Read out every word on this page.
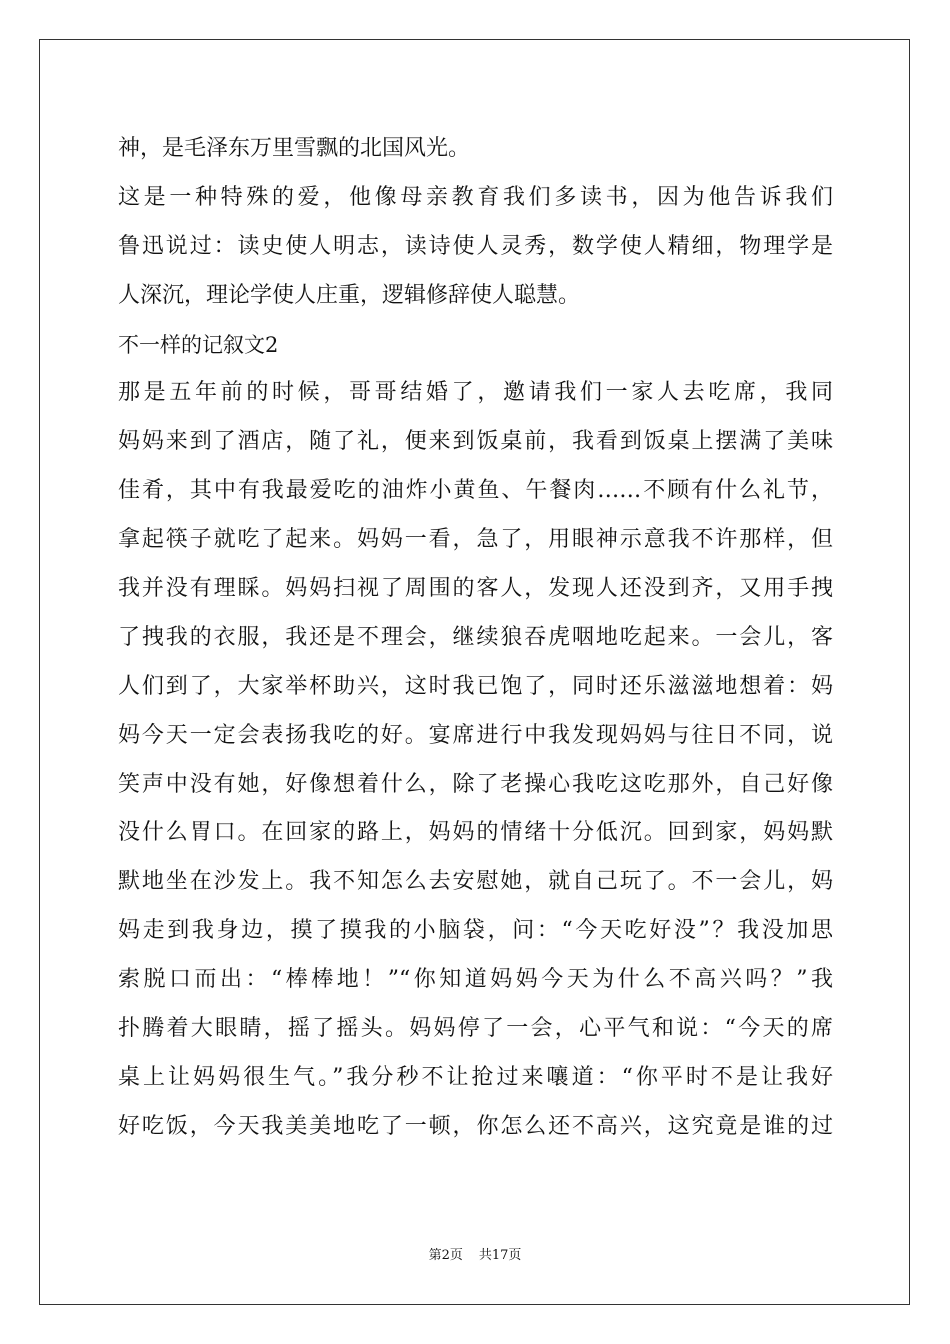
神，是毛泽东万里雪飘的北国风光。
这是一种特殊的爱，他像母亲教育我们多读书，因为他告诉我们
鲁迅说过：读史使人明志，读诗使人灵秀，数学使人精细，物理学是
人深沉，理论学使人庄重，逻辑修辞使人聪慧。
不一样的记叙文2
那是五年前的时候，哥哥结婚了，邀请我们一家人去吃席，我同
妈妈来到了酒店，随了礼，便来到饭桌前，我看到饭桌上摆满了美味
佳肴，其中有我最爱吃的油炸小黄鱼、午餐肉……不顾有什么礼节，
拿起筷子就吃了起来。妈妈一看，急了，用眼神示意我不许那样，但
我并没有理睬。妈妈扫视了周围的客人，发现人还没到齐，又用手拽
了拽我的衣服，我还是不理会，继续狼吞虎咽地吃起来。一会儿，客
人们到了，大家举杯助兴，这时我已饱了，同时还乐滋滋地想着：妈
妈今天一定会表扬我吃的好。宴席进行中我发现妈妈与往日不同，说
笑声中没有她，好像想着什么，除了老操心我吃这吃那外，自己好像
没什么胃口。在回家的路上，妈妈的情绪十分低沉。回到家，妈妈默
默地坐在沙发上。我不知怎么去安慰她，就自己玩了。不一会儿，妈
妈走到我身边，摸了摸我的小脑袋，问：“今天吃好没”？我没加思
索脱口而出：“棒棒地！”“你知道妈妈今天为什么不高兴吗？”我
扑腾着大眼睛，摇了摇头。妈妈停了一会，心平气和说：“今天的席
桌上让妈妈很生气。”我分秒不让抢过来嚷道：“你平时不是让我好
好吃饭，今天我美美地吃了一顿，你怎么还不高兴，这究竟是谁的过
第2页 共17页
